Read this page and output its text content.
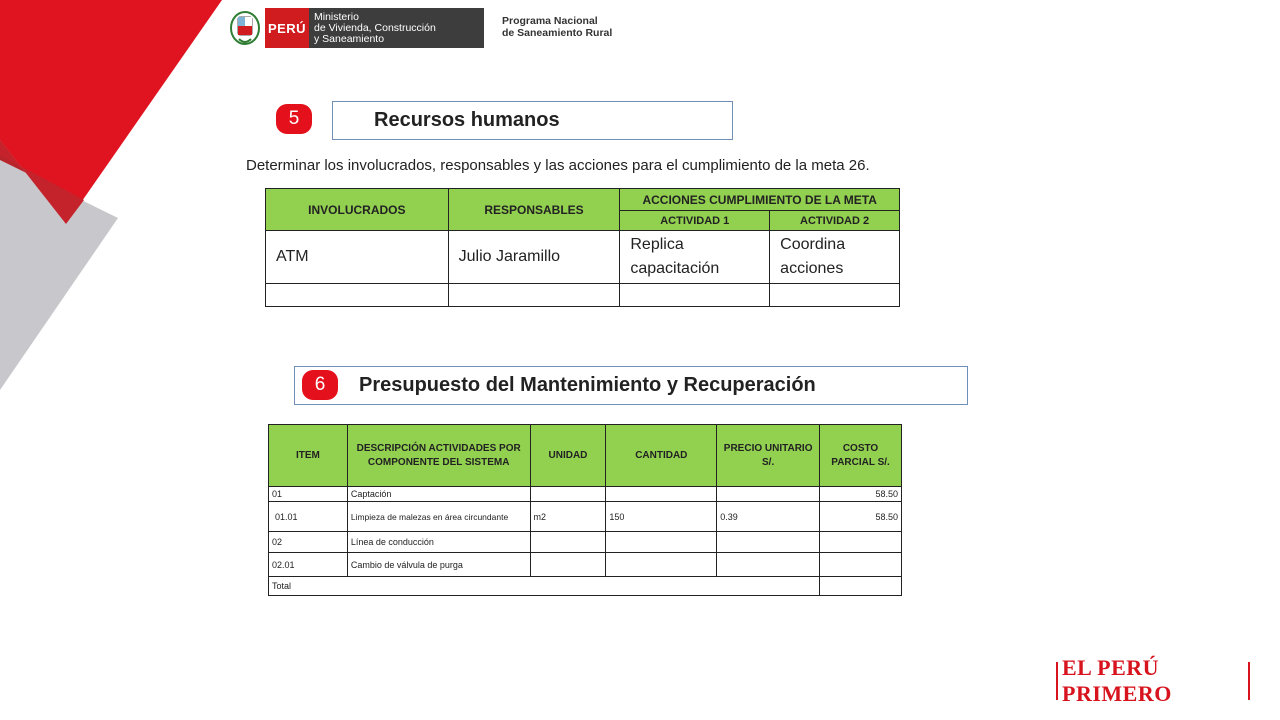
PERÚ
Ministerio
de Vivienda, Construcción
y Saneamiento
Programa Nacional
de Saneamiento Rural
5	Recursos humanos
Determinar los involucrados, responsables y las acciones para el cumplimiento de la meta 26.
INVOLUCRADOS	RESPONSABLES	ACCIONES CUMPLIMIENTO DE LA META	
		ACTIVIDAD 1	ACTIVIDAD 2
ATM	Julio Jaramillo	Replica capacitación	Coordina acciones

Presupuesto del Mantenimiento y Recuperación
6
ITEM	DESCRIPCIÓN ACTIVIDADES POR COMPONENTE DEL SISTEMA	UNIDAD	CANTIDAD	PRECIO UNITARIO S/.	COSTO PARCIAL S/.
01	Captación				58.50
01.01	Limpieza de malezas en área circundante	m2	150	0.39	58.50
02	Línea de conducción				
02.01	Cambio de válvula de purga				
Total					
EL PERÚ PRIMERO
